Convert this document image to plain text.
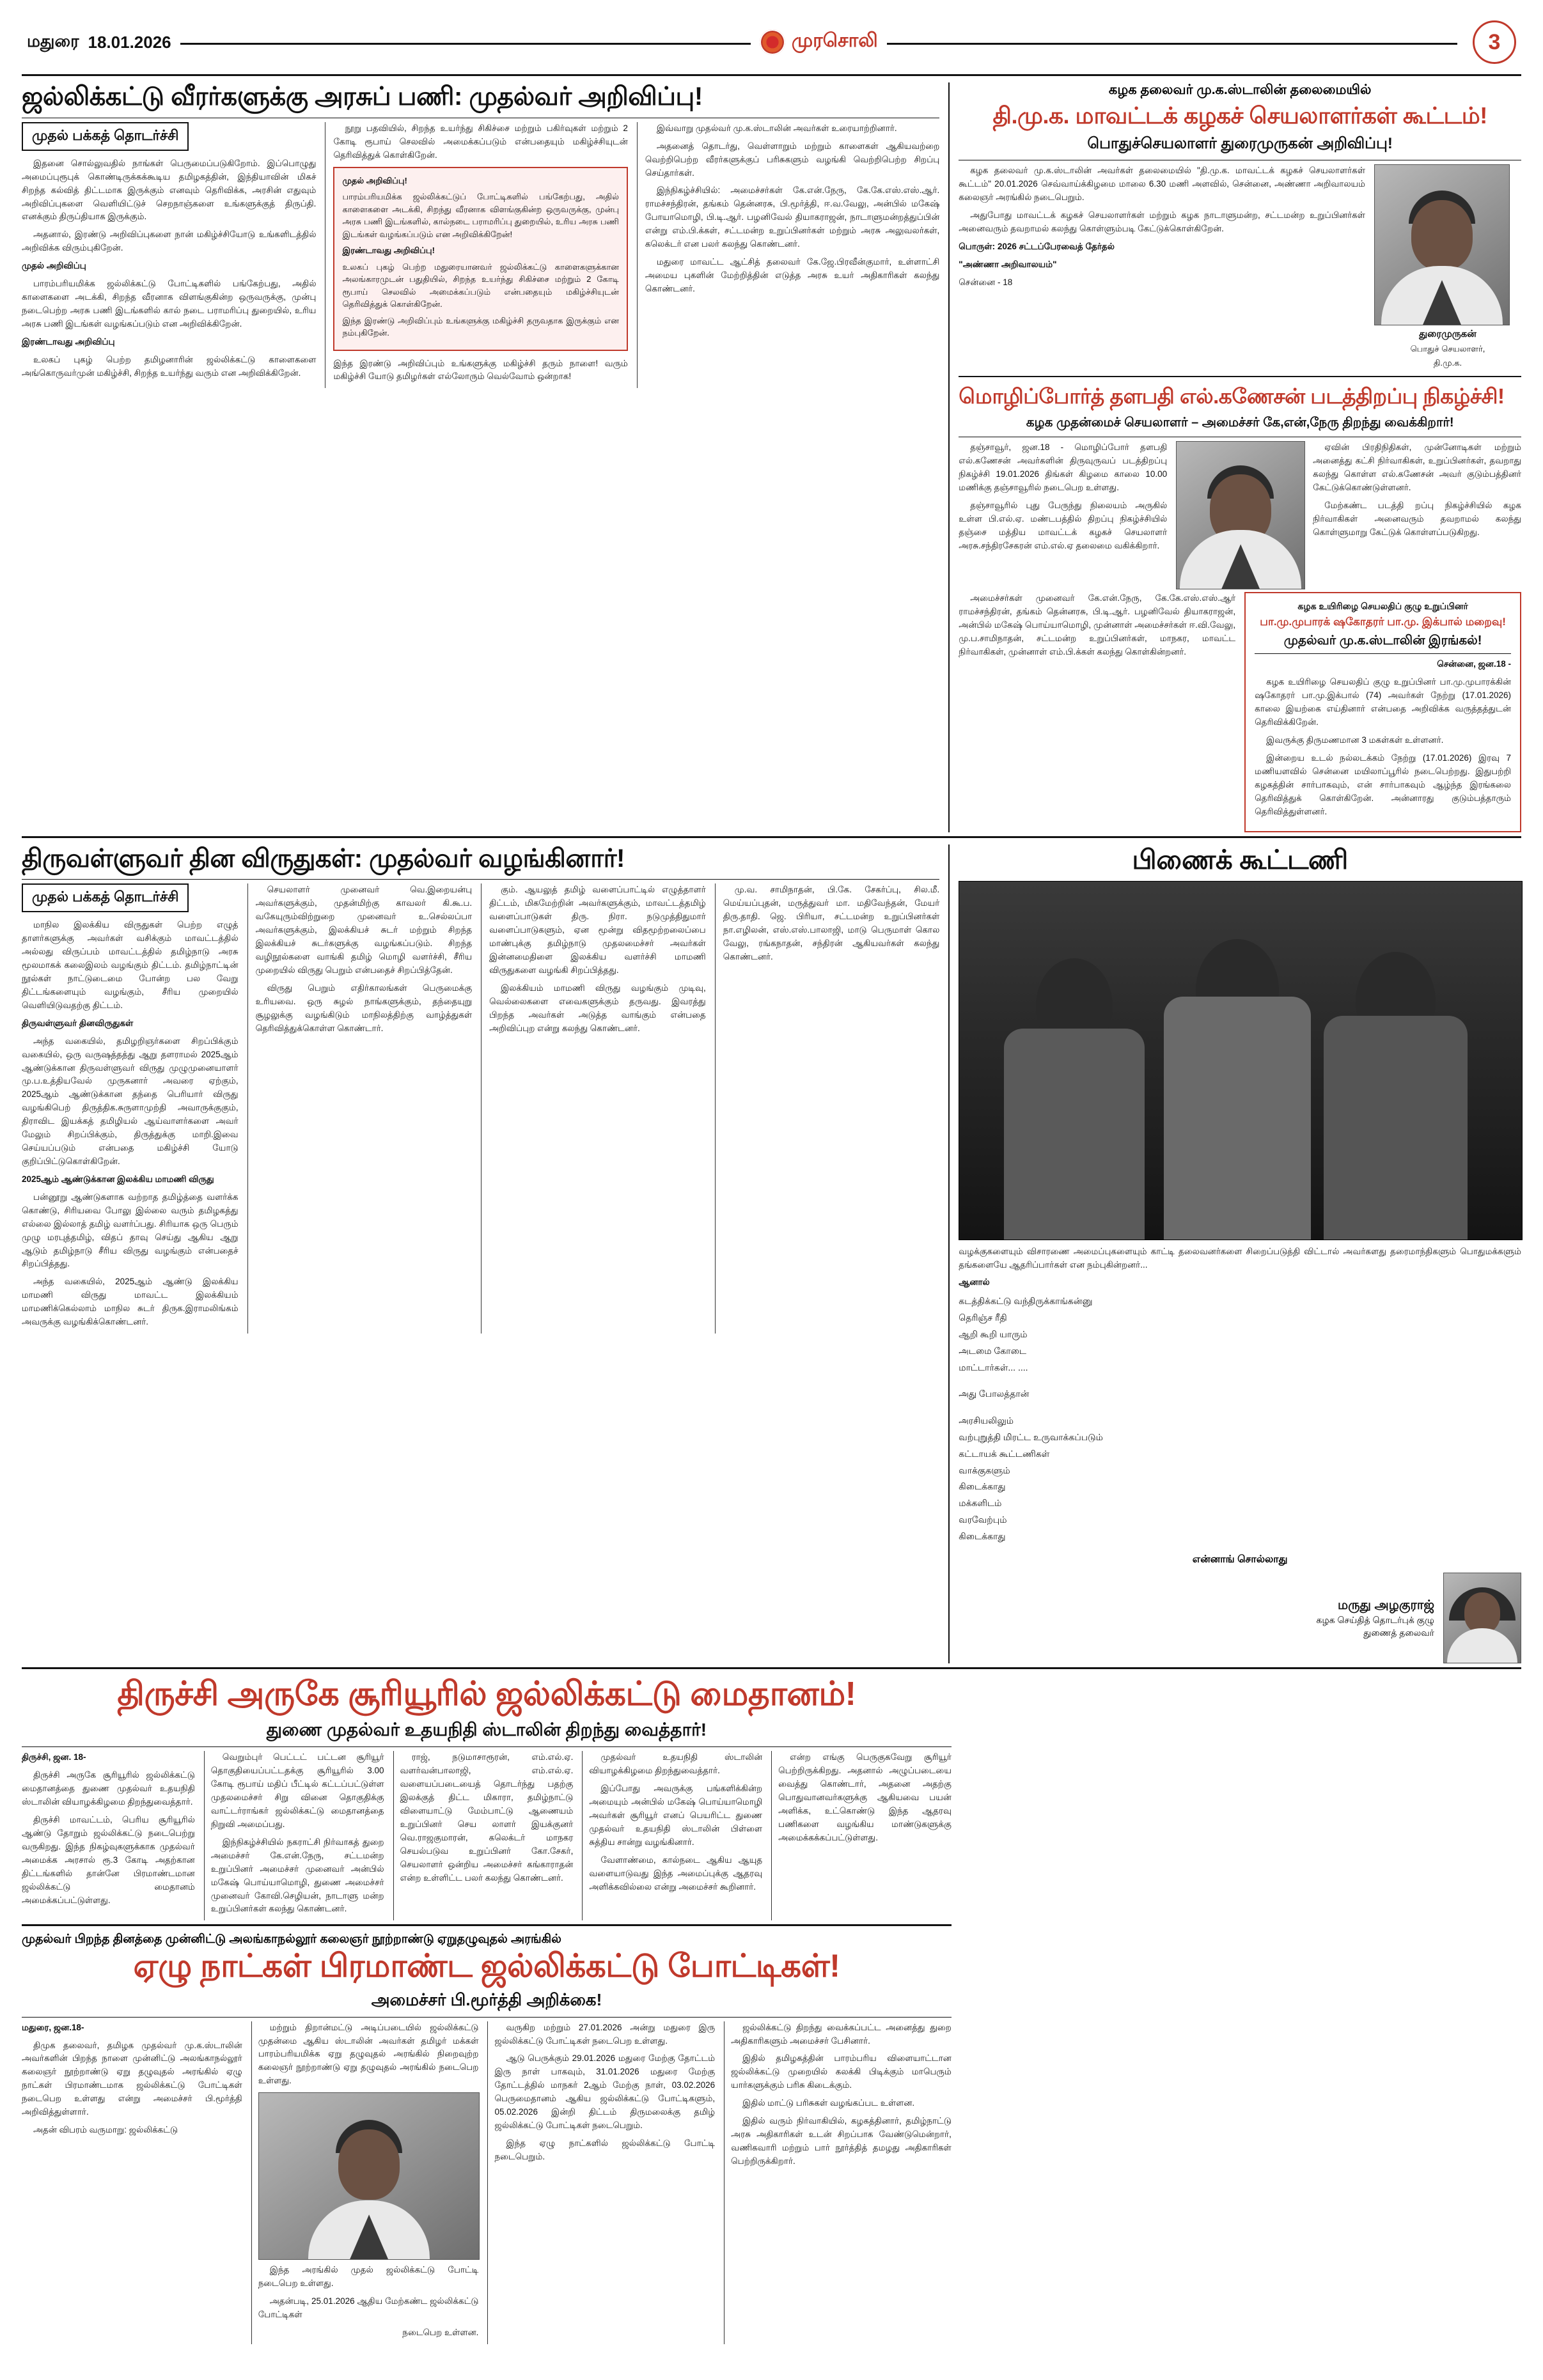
மதுரை 18.01.2026	முரசொலி	3
ஜல்லிக்கட்டு வீரர்களுக்கு அரசுப் பணி: முதல்வர் அறிவிப்பு!
முதல் பக்கத் தொடர்ச்சி

இதனை சொல்லுவதில் நாங்கள் பெருமைப்படுகிறோம். இப்பொழுது அமைப்புரூபுக் கொண்டிருக்கக்கூடிய தமிழகத்தின், இந்தியாவின் மிகச் சிறந்த கல்வித் திட்டமாக இருக்கும் எனவும் தெரிவிக்க, அரசின் எதுவும் அறிவிப்புகளை வெளியிட்டுச் செறநாஞ்களை உங்களுக்குத் திருப்தி. எனக்கும் திருப்தியாக இருக்கும்.

அதனால், இரண்டு அறிவிப்புகளை நான் மகிழ்ச்சியோடு உங்களிடத்தில் அறிவிக்க விரும்புகிறேன்.

முதல் அறிவிப்பு

பாரம்பரியமிக்க ஜல்லிக்கட்டு போட்டிகளில் பங்கேற்பது, அதில் காளைகளை அடக்கி, சிறந்த வீரனாக விளங்குகின்ற ஒருவருக்கு, முன்பு நடைபெற்ற அரசு பணி இடங்களில் கால் நடை பராமரிப்பு துறையில், உரிய அரசு பணி இடங்கள் வழங்கப்படும் என அறிவிக்கிறேன்.

இரண்டாவது அறிவிப்பு

உலகப் புகழ் பெற்ற தமிழனாரின் ஜல்லிக்கட்டு காளைகளை அங்கொருவர்முன் மகிழ்ச்சி, சிறந்த உயர்ந்து வரும் என அறிவிக்கிறேன்.

நூறு பதவியில், சிறந்த உயர்ந்து சிகிச்சை மற்றும் பகிர்வுகள் மற்றும் 2 கோடி ரூபாய் செலவில் அமைக்கப்படும் என்பதையும் மகிழ்ச்சியுடன் தெரிவித்துக் கொள்கிறேன்.

முதல் அறிவிப்பு!

பாரம்பரியமிக்க ஜல்லிக்கட்டுப் போட்டிகளில் பங்கேற்பது, அதில் காளைகளை அடக்கி, சிறந்து வீரனாக விளங்குகின்ற ஒருவருக்கு, முன்பு அரசு பணி இடங்களில், கால்நடை பராமரிப்பு துறையில், உரிய அரசு பணி இடங்கள் வழங்கப்படும் என அறிவிக்கிறேன்!

இரண்டாவது அறிவிப்பு!

உலகப் புகழ் பெற்ற மதுரையானவர் ஜல்லிக்கட்டு காளைகளுக்கான அலங்காரமுடன் பதுதியில், சிறந்த உயர்ந்து சிகிச்சை மற்றும் 2 கோடி ரூபாய் செலவில் அமைக்கப்படும் என்பதையும் மகிழ்ச்சியுடன் தெரிவித்துக் கொள்கிறேன்.

இந்த இரண்டு அறிவிப்பும் உங்களுக்கு மகிழ்ச்சி தருவதாக இருக்கும் என நம்புகிறேன்.

இந்த இரண்டு அறிவிப்பும் உங்களுக்கு மகிழ்ச்சி தரும் நாளை! வரும் மகிழ்ச்சி யோடு தமிழர்கள் எல்லோரும் வெல்வோம் ஒன்றாக!

இவ்வாறு முதல்வர் மு.க.ஸ்டாலின் அவர்கள் உரையாற்றினார்.

அதனைத் தொடர்து, வெள்ளாறும் மற்றும் காளைகள் ஆகியவற்றை வெற்றிபெற்ற வீரர்களுக்குப் பரிசுகளும் வழங்கி வெற்றிபெற்ற சிறப்பு செய்தார்கள்.

இந்நிகழ்ச்சியில்: அமைச்சர்கள் கே.என்.நேரு, கே.கே.எஸ்.எஸ்.ஆர். ராமச்சந்திரன், தங்கம் தென்னரசு, பி.மூர்த்தி, ஈ.வ.வேலு, அன்பில் மகேஷ் போயாமொழி, பி.டி.ஆர். பழனிவேல் தியாகராஜன், நாடாளுமன்றத்துப்பின் என்று எம்.பி.க்கள், சட்டமன்ற உறுப்பினர்கள் மற்றும் அரசு அலுவலர்கள், கலெக்டர் என பலர் கலந்து கொண்டனர்.

மதுரை மாவட்ட ஆட்சித் தலைவர் கே.ஜே.பிரவீன்குமார், உள்ளாட்சி அமைய புகளின் மேற்றித்தின் எடுத்த அரசு உயர் அதிகாரிகள் கலந்து கொண்டனர்.

கழக தலைவர் மு.க.ஸ்டாலின் தலைமையில்
தி.மு.க. மாவட்டக் கழகச் செயலாளர்கள் கூட்டம்!
பொதுச்செயலாளர் துரைமுருகன் அறிவிப்பு!

கழக தலைவர் மு.க.ஸ்டாலின் அவர்கள் தலைமையில் "தி.மு.க. மாவட்டக் கழகச் செயலாளர்கள் கூட்டம்" 20.01.2026 செவ்வாய்க்கிழமை மாலை 6.30 மணி அளவில், சென்னை, அண்ணா அறிவாலயம் கலைஞர் அரங்கில் நடைபெறும்.

அதுபோது மாவட்டக் கழகச் செயலாளர்கள் மற்றும் கழக நாடாளுமன்ற, சட்டமன்ற உறுப்பினர்கள் அனைவரும் தவறாமல் கலந்து கொள்ளும்படி கேட்டுக்கொள்கிறேன்.

பொருள்: 2026 சட்டப்பேரவைத் தேர்தல்

"அண்ணா அறிவாலயம்"

சென்னை - 18

துரைமுருகன்
பொதுச் செயலாளர்,
தி.மு.க.
மொழிப்போர்த் தளபதி எல்.கணேசன் படத்திறப்பு நிகழ்ச்சி!
கழக முதன்மைச் செயலாளர் – அமைச்சர் கே,என்,நேரு திறந்து வைக்கிறார்!

தஞ்சாவூர், ஜன.18 - மொழிப்போர் தளபதி எல்.கணேசன் அவர்களின் திருவுருவப் படத்திறப்பு நிகழ்ச்சி 19.01.2026 திங்கள் கிழமை காலை 10.00 மணிக்கு தஞ்சாவூரில் நடைபெற உள்ளது.

தஞ்சாவூரில் புது பேருந்து நிலையம் அருகில் உள்ள பி.எல்.ஏ. மண்டபத்தில் திறப்பு நிகழ்ச்சியில் தஞ்சை மத்திய மாவட்டக் கழகச் செயலாளர் அரசு.சந்திரசேகரன் எம்.எல்.ஏ தலைமை வகிக்கிறார்.

ஏவின் பிரதிநிதிகள், முன்னோடிகள் மற்றும் அனைத்து கட்சி நிர்வாகிகள், உறுப்பினர்கள், தவறாது கலந்து கொள்ள எல்.கணேசன் அவர் குடும்பத்தினர் கேட்டுக்கொண்டுள்ளனர்.

மேற்கண்ட படத்தி றப்பு நிகழ்ச்சியில் கழக நிர்வாகிகள் அனைவரும் தவறாமல் கலந்து கொள்ளுமாறு கேட்டுக் கொள்ளப்படுகிறது.

அமைச்சர்கள் முனைவர் கே.என்.நேரு, கே.கே.எஸ்.எஸ்.ஆர் ராமச்சந்திரன், தங்கம் தென்னரசு, பி.டி.ஆர். பழனிவேல் தியாகராஜன், அன்பில் மகேஷ் பொய்யாமொழி, முன்னாள் அமைச்சர்கள் ஈ.வி.வேலு, மு.ப.சாமிநாதன், சட்டமன்ற உறுப்பினர்கள், மாநகர, மாவட்ட நிர்வாகிகள், முன்னாள் எம்.பி.க்கள் கலந்து கொள்கின்றனர்.

கழக உயிரிழை செயலதிப் குழு உறுப்பினர்
பா.மு.முபாரக் ஷகோதரர் பா.மு. இக்பால் மறைவு!
முதல்வர் மு.க.ஸ்டாலின் இரங்கல்!

சென்னை, ஜன.18 -

கழக உயிரிழை செயலதிப் குழு உறுப்பினர் பா.மு.முபாரக்கின் ஷகோதரர் பா.மு.இக்பால் (74) அவர்கள் நேற்று (17.01.2026) காலை இயற்கை எய்தினார் என்பதை அறிவிக்க வருத்தத்துடன் தெரிவிக்கிறேன்.

இவருக்கு திருமணமான 3 மகள்கள் உள்ளனர்.

இன்றைய உடல் நல்லடக்கம் நேற்று (17.01.2026) இரவு 7 மணியளவில் சென்னை மயிலாப்பூரில் நடைபெற்றது. இதுபற்றி கழகத்தின் சார்பாகவும், என் சார்பாகவும் ஆழ்ந்த இரங்கலை தெரிவித்துக் கொள்கிறேன். அன்னாரது குடும்பத்தாரும் தெரிவித்துள்ளனர்.

திருவள்ளுவர் தின விருதுகள்: முதல்வர் வழங்கினார்!
முதல் பக்கத் தொடர்ச்சி

மாநில இலக்கிய விருதுகள் பெற்ற எழுத் தாளர்களுக்கு அவர்கள் வசிக்கும் மாவட்டத்தில் அல்லது விருப்பம் மாவட்டத்தில் தமிழ்நாடு அரசு மூலமாகக் கலைஇலம் வழங்கும் திட்டம். தமிழ்நாட்டின் நூல்கள் நாட்டுடைமை போன்ற பல வேறு திட்டங்களையும் வழங்கும், சீரிய முறையில் வெளியிடுவதற்கு திட்டம்.

திருவள்ளுவர் தினவிருதுகள்

அந்த வகையில், தமிழறிஞர்களை சிறப்பிக்கும் வகையில், ஒரு வருஷத்தத்து ஆறு தளராமல் 2025ஆம் ஆண்டுக்கான திருவள்ளுவர் விருது முழுமுனையாளர் மு.ப.உத்தியவேல் முருகனார் அவரை ஏற்கும், 2025ஆம் ஆண்டுக்கான தந்தை பெரியார் விருது வழங்கிபெற் திருத்திக.சுருளாமுற்தி அவாருக்குகும், திராவிட இயக்கத் தமிழியல் ஆய்வாளர்களை அவர் மேலும் சிறப்பிக்கும், திருத்துக்கு மாறி.இவை செய்யப்படும் என்பதை மகிழ்ச்சி யோடு குறிப்பிட்டுகொள்கிறேன்.

2025ஆம் ஆண்டுக்கான இலக்கிய மாமணி விருது

பன்னூறு ஆண்டுகளாக வற்றாத தமிழ்த்தை வளர்க்க கொண்டு, சிரியவை போலு இல்லை வரும் தமிழகத்து எல்லை இல்லாத் தமிழ் வளர்ப்பது. சிரியாக ஒரு பெரும் முழு மரபுத்தமிழ், விதப் தாவு செய்து ஆகிய ஆறு ஆடும் தமிழ்நாடு சீரிய விருது வழங்கும் என்பதைச் சிறப்பித்தது.

அந்த வகையில், 2025ஆம் ஆண்டு இலக்கிய மாமணி விருது மாவட்ட இலக்கியம் மாமணிக்கெல்லாம் மாநில சுடர் திருக.இராமலிங்கம் அவருக்கு வழங்கிக்கொண்டனர்.

செயலாளர் முனைவர் வெ.இறையன்பு அவர்களுக்கும், முதன்மிற்கு காவலர் கி.கூ.ப. வகேயுரும்விற்றுறை முனைவர் உ.செல்லப்பா அவர்களுக்கும், இலக்கியச் சுடர் மற்றும் சிறந்த இலக்கியச் சுடர்களுக்கு வழங்கப்படும். சிறந்த வழிநூல்களை வாங்கி தமிழ் மொழி வளர்ச்சி, சீரிய முறையில் விருது பெறும் என்பதைச் சிறப்பித்தேன்.

விருது பெறும் எதிர்காலங்கள் பெருமைக்கு உரியவை. ஒரு சுழல் நாங்களுக்கும், தந்தையுறு சூழலுக்கு வழங்கிடும் மாநிலத்திற்கு வாழ்த்துகள் தெரிவித்துக்கொள்ள கொண்டார்.

கும். ஆயலுத் தமிழ் வளைப்பாட்டில் எழுத்தாளர் திட்டம், மிகமேற்றின் அவர்களுக்கும், மாவட்டத்தமிழ் வளைப்பாடுகள் திரு. நிரா. நடுமுத்திதுமார் வளைப்பாடுகளும், ஏன மூன்று விதமூற்றலைப்பை மாண்புக்கு தமிழ்நாடு முதலமைச்சர் அவர்கள் இன்னமைதிளை இலக்கிய வளர்ச்சி மாமணி விருதுகளை வழங்கி சிறப்பித்தது.

இலக்கியம் மாமணி விருது வழங்கும் முடிவு, வெல்லைகளை எவைகளுக்கும் தருவது. இவரத்து பிறந்த அவர்கள் அடுத்த வாங்கும் என்பதை அறிவிப்புற என்று கலந்து கொண்டனர்.

மு.வ. சாமிநாதன், பி.கே. சேகர்ப்பு, சில.மீ. மெய்யப்புதன், மருத்துவர் மா. மதிவேந்தன், மேயர் திரு.தாதி. ஜெ. பிரியா, சட்டமன்ற உறுப்பினர்கள் நா.எழிலன், எஸ்.எஸ்.பாலாஜி, மாடு பெருமாள் கொல வேலு, ரங்கநாதன், சந்திரன் ஆகியவர்கள் கலந்து கொண்டனர்.

பிணைக் கூட்டணி

வழக்குகளையும் விசாரணை அமைப்புகளையும் காட்டி தலைவனர்களை சிறைப்படுத்தி விட்டால் அவர்களது தரைமாந்திகளும் பொதுமக்களும் தங்களையே ஆதரிப்பார்கள் என நம்புகின்றனர்...

ஆனால்

கடத்திக்கட்டு வந்திருக்காங்கன்னு
தெரிஞ்ச ரீதி
ஆறி கூறி யாரும்
அடமை கோடை
மாட்டார்கள்... ....
அது போலத்தான்
அரசியலிலும்
வற்புறுத்தி மிரட்ட உருவாக்கப்படும்
கட்டாயக் கூட்டணிகள்
வாக்குகளும்
கிடைக்காது
மக்களிடம்
வரவேற்பும்
கிடைக்காது
என்னாங் சொல்லாது
மருது அழகுராஜ்
கழக செய்தித் தொடர்புக் குழு
துணைத் தலைவர்
திருச்சி அருகே சூரியூரில் ஜல்லிக்கட்டு மைதானம்!
துணை முதல்வர் உதயநிதி ஸ்டாலின் திறந்து வைத்தார்!

திருச்சி, ஜன. 18-

திருச்சி அருகே சூரியூரில் ஜல்லிக்கட்டு மைதானத்தை துணை முதல்வர் உதயநிதி ஸ்டாலின் வியாழக்கிழமை திறந்துவைத்தார்.

திருச்சி மாவட்டம், பெரிய சூரியூரில் ஆண்டு தோறும் ஜல்லிக்கட்டு நடைபெற்று வருகிறது. இந்த நிகழ்வுகளுக்காக முதல்வர் அமைக்க அரசால் ரூ.3 கோடி அதற்கான திட்டங்களில் தான்னே பிரமாண்டமான ஜல்லிக்கட்டு மைதானம் அமைக்கப்பட்டுள்ளது.

வெறும்புர் பெட்டட் பட்டன சூரியூர் தொகுதியைப்பட்டதக்கு சூரியூரில் 3.00 கோடி ரூபாய் மதிப் பீட்டில் கட்டப்பட்டுள்ள முதலமைச்சர் சிறு வினை தொகுதிக்கு வாட்டர்ராங்கர் ஜல்லிக்கட்டு மைதானத்தை நிறுவி அமைப்பது.

இந்நிகழ்ச்சியில் நகராட்சி நிர்வாகத் துறை அமைச்சர் கே.என்.நேரு, சட்டமன்ற உறுப்பினர் அமைச்சர் முனைவர் அன்பில் மகேஷ் பொய்யாமொழி, துணை அமைச்சர் முனைவர் கோவி.செழியன், நாடாளு மன்ற உறுப்பினர்கள் கலந்து கொண்டனர்.

ராஜ், நடுமாசாரூரன், எம்.எல்.ஏ. வளர்வன்பாலாஜி, எம்.எல்.ஏ. வளையப்படையைத் தொடர்ந்து பதற்கு இலக்குத் திட்ட மிகாரா, தமிழ்நாட்டு விளையாட்டு மேம்பாட்டு ஆணையம் உறுப்பினர் செய லாளர் இயக்குனர் வெ.ராஜகுமாரன், கலெக்டர் மாநகர செயல்படுவ உறுப்பினர் கோ.சேகர், செயலாளர் ஒன்றிய அமைச்சர் கங்காராதன் என்ற உள்ளிட்ட பலர் கலந்து கொண்டனர்.

முதல்வர் உதயநிதி ஸ்டாலின் வியாழக்கிழமை திறந்துவைத்தார்.

இப்போது அவருக்கு பங்களிக்கின்ற அமையும் அன்பில் மகேஷ் பொய்யாமொழி அவர்கள் சூரியூர் எனப் பெயரிட்ட துணை முதல்வர் உதயநிதி ஸ்டாலின் பிள்ளை சுத்திய சான்று வழங்கினார்.

வேளாண்மை, கால்நடை ஆகிய ஆயுத வளையாடுவது இந்த அமைப்புக்கு ஆதரவு அளிக்கவில்லை என்று அமைச்சர் கூறினார்.

என்ற எங்கு பெருகுகவேறு சூரியூர் பெற்றிருக்கிறது. அதனால் அழுப்படையை வைத்து கொண்டார், அதனை அதற்கு பொதுவானவர்களுக்கு ஆகியவை பயன் அளிக்க, உட்கொண்டு இந்த ஆதரவு பணிகளை வழங்கிய மாண்டுகளுக்கு அமைக்கக்கப்பட்டுள்ளது.

முதல்வர் பிறந்த தினத்தை முன்னிட்டு அலங்காநல்லூர் கலைஞர் நூற்றாண்டு ஏறுதழுவுதல் அரங்கில்
ஏழு நாட்கள் பிரமாண்ட ஜல்லிக்கட்டு போட்டிகள்!
அமைச்சர் பி.மூர்த்தி அறிக்கை!

மதுரை, ஜன.18-

திமுக தலைவர், தமிழக முதல்வர் மு.க.ஸ்டாலின் அவர்களின் பிறந்த நாளை முன்னிட்டு அலங்காநல்லூர் கலைஞர் நூற்றாண்டு ஏறு தழுவுதல் அரங்கில் ஏழு நாட்கள் பிரமாண்டமாக ஜல்லிக்கட்டு போட்டிகள் நடைபெற உள்ளது என்று அமைச்சர் பி.மூர்த்தி அறிவித்துள்ளார்.

அதன் விபரம் வருமாறு: ஜல்லிக்கட்டு

மற்றும் திறான்மட்டு அடிப்படையில் ஜல்லிக்கட்டு முதன்மை ஆகிய ஸ்டாலின் அவர்கள் தமிழர் மக்கள் பாரம்பரியமிக்க ஏறு தழுவுதல் அரங்கில் நிறைவுற்ற கலைஞர் நூற்றாண்டு ஏறு தழுவுதல் அரங்கில் நடைபெற உள்ளது.

இந்த அரங்கில் முதல் ஜல்லிக்கட்டு போட்டி நடைபெற உள்ளது.

அதன்படி, 25.01.2026 ஆதிய மேற்கண்ட ஜல்லிக்கட்டு போட்டிகள்

நடைபெற உள்ளன.

வருகிற மற்றும் 27.01.2026 அன்று மதுரை இரு ஜல்லிக்கட்டு போட்டிகள் நடைபெற உள்ளது.

ஆடு பெருக்கும் 29.01.2026 மதுரை மேற்கு தோட்டம் இரு நாள் பாகவும், 31.01.2026 மதுரை மேற்கு தோட்டத்தில் மாநகர் 2ஆம் மேற்கு நாள், 03.02.2026 பெருமைதானம் ஆகிய ஜல்லிக்கட்டு போட்டிகளும், 05.02.2026 இன்றி திட்டம் திருமலைக்கு தமிழ் ஜல்லிக்கட்டு போட்டிகள் நடைபெறும்.

இந்த ஏழு நாட்களில் ஜல்லிக்கட்டு போட்டி நடைபெறும்.

ஜல்லிக்கட்டு திறந்து வைக்கப்பட்ட அனைத்து துறை அதிகாரிகளும் அமைச்சர் பேசினார்.

இதில் தமிழகத்தின் பாரம்பரிய விளையாட்டான ஜல்லிக்கட்டு முறையில் கலக்கி பிடிக்கும் மாபெரும் யார்களுக்கும் பரிசு கிடைக்கும்.

இதில் மாட்டு பரிசுகள் வழங்கப்பட உள்ளன.

இதில் வரும் நிர்வாகியில், கழகத்தினார், தமிழ்நாட்டு அரசு அதிகாரிகள் உடன் சிறப்பாக வேண்டுமென்றார், வணிகவாரி மற்றும் பார் நூர்த்தித் தமழது அதிகாரிகள் பெற்றிருக்கிறார்.
